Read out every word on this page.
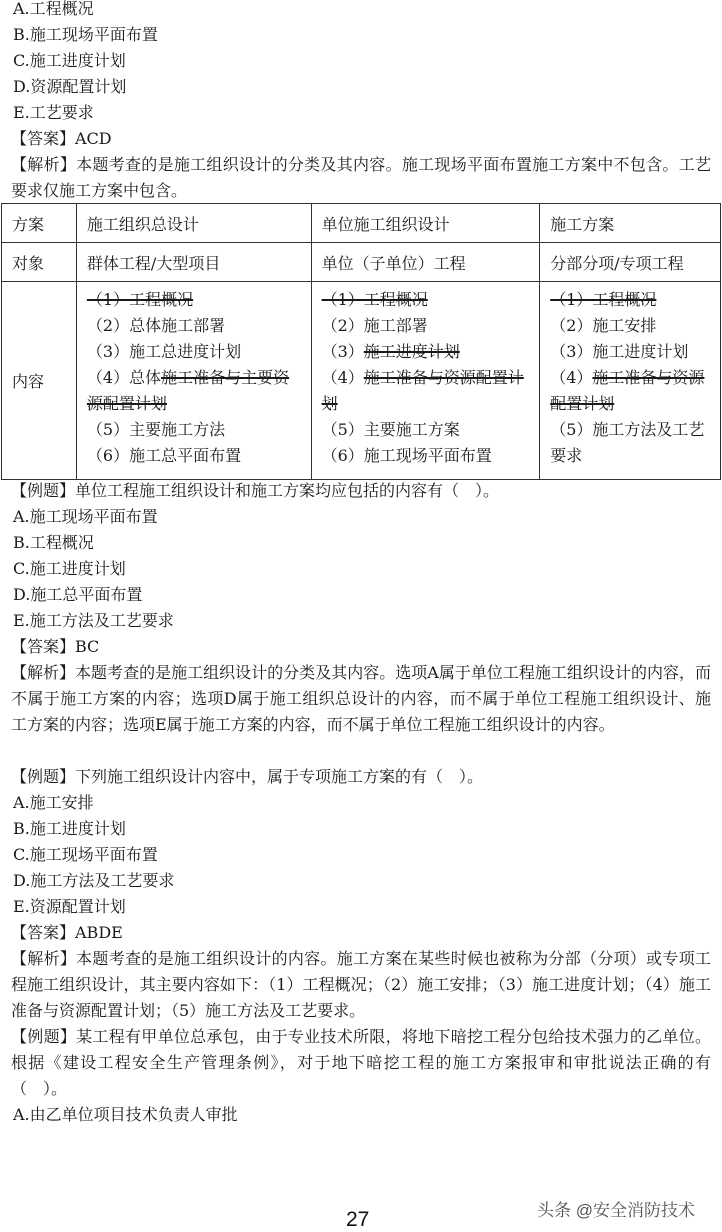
A.工程概况
B.施工现场平面布置
C.施工进度计划
D.资源配置计划
E.工艺要求
【答案】ACD
【解析】本题考查的是施工组织设计的分类及其内容。施工现场平面布置施工方案中不包含。工艺要求仅施工方案中包含。
方案	施工组织总设计	单位施工组织设计	施工方案
对象	群体工程/大型项目	单位（子单位）工程	分部分项/专项工程
内容	
（1）工程概况
（2）总体施工部署
（3）施工总进度计划
（4）总体施工准备与主要资源配置计划
（5）主要施工方法
（6）施工总平面布置

（1）工程概况
（2）施工部署
（3）施工进度计划
（4）施工准备与资源配置计划
（5）主要施工方案
（6）施工现场平面布置

（1）工程概况
（2）施工安排
（3）施工进度计划
（4）施工准备与资源配置计划
（5）施工方法及工艺要求
【例题】单位工程施工组织设计和施工方案均应包括的内容有（　）。
A.施工现场平面布置
B.工程概况
C.施工进度计划
D.施工总平面布置
E.施工方法及工艺要求
【答案】BC
【解析】本题考查的是施工组织设计的分类及其内容。选项A属于单位工程施工组织设计的内容，而不属于施工方案的内容；选项D属于施工组织总设计的内容，而不属于单位工程施工组织设计、施工方案的内容；选项E属于施工方案的内容，而不属于单位工程施工组织设计的内容。
【例题】下列施工组织设计内容中，属于专项施工方案的有（　）。
A.施工安排
B.施工进度计划
C.施工现场平面布置
D.施工方法及工艺要求
E.资源配置计划
【答案】ABDE
【解析】本题考查的是施工组织设计的内容。施工方案在某些时候也被称为分部（分项）或专项工程施工组织设计，其主要内容如下：（1）工程概况；（2）施工安排；（3）施工进度计划；（4）施工准备与资源配置计划；（5）施工方法及工艺要求。
【例题】某工程有甲单位总承包，由于专业技术所限，将地下暗挖工程分包给技术强力的乙单位。根据《建设工程安全生产管理条例》，对于地下暗挖工程的施工方案报审和审批说法正确的有（　）。
A.由乙单位项目技术负责人审批
头条 @安全消防技术
27
